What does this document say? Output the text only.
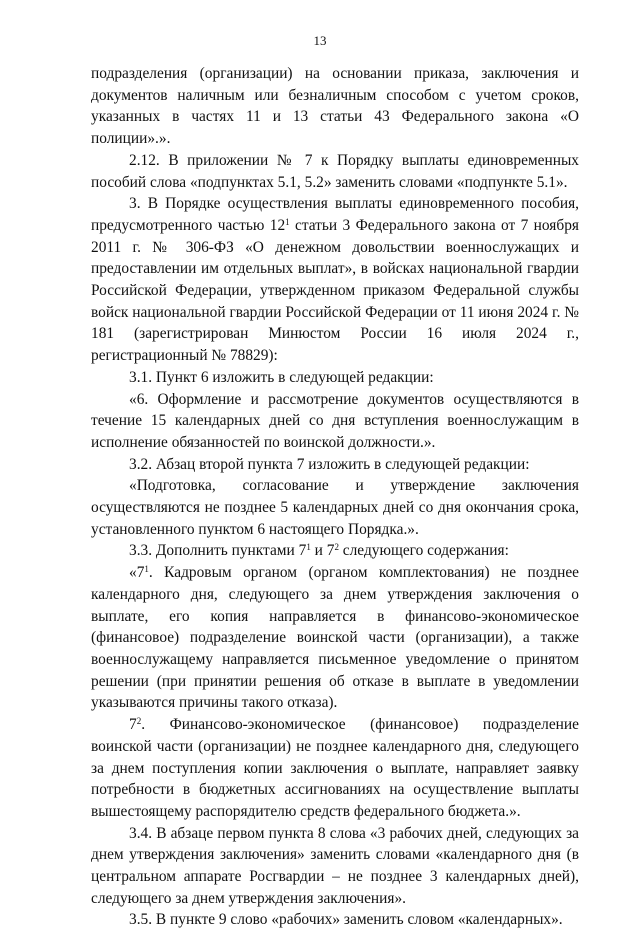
13

подразделения (организации) на основании приказа, заключения и документов наличным или безналичным способом с учетом сроков, указанных в частях 11 и 13 статьи 43 Федерального закона «О полиции».».

2.12. В приложении № 7 к Порядку выплаты единовременных пособий слова «подпунктах 5.1, 5.2» заменить словами «подпункте 5.1».

3. В Порядке осуществления выплаты единовременного пособия, предусмотренного частью $12^1$ статьи 3 Федерального закона от 7 ноября 2011 г. № 306-ФЗ «О денежном довольствии военнослужащих и предоставлении им отдельных выплат», в войсках национальной гвардии Российской Федерации, утвержденном приказом Федеральной службы войск национальной гвардии Российской Федерации от 11 июня 2024 г. № 181 (зарегистрирован Минюстом России 16 июля 2024 г., регистрационный № 78829):

3.1. Пункт 6 изложить в следующей редакции:

«6. Оформление и рассмотрение документов осуществляются в течение 15 календарных дней со дня вступления военнослужащим в исполнение обязанностей по воинской должности.».

3.2. Абзац второй пункта 7 изложить в следующей редакции:

«Подготовка, согласование и утверждение заключения осуществляются не позднее 5 календарных дней со дня окончания срока, установленного пунктом 6 настоящего Порядка.».

3.3. Дополнить пунктами $7^1$ и $7^2$ следующего содержания:

«$7^1$. Кадровым органом (органом комплектования) не позднее календарного дня, следующего за днем утверждения заключения о выплате, его копия направляется в финансово-экономическое (финансовое) подразделение воинской части (организации), а также военнослужащему направляется письменное уведомление о принятом решении (при принятии решения об отказе в выплате в уведомлении указываются причины такого отказа).

$7^2$. Финансово-экономическое (финансовое) подразделение воинской части (организации) не позднее календарного дня, следующего за днем поступления копии заключения о выплате, направляет заявку потребности в бюджетных ассигнованиях на осуществление выплаты вышестоящему распорядителю средств федерального бюджета.».

3.4. В абзаце первом пункта 8 слова «3 рабочих дней, следующих за днем утверждения заключения» заменить словами «календарного дня (в центральном аппарате Росгвардии – не позднее 3 календарных дней), следующего за днем утверждения заключения».

3.5. В пункте 9 слово «рабочих» заменить словом «календарных».
